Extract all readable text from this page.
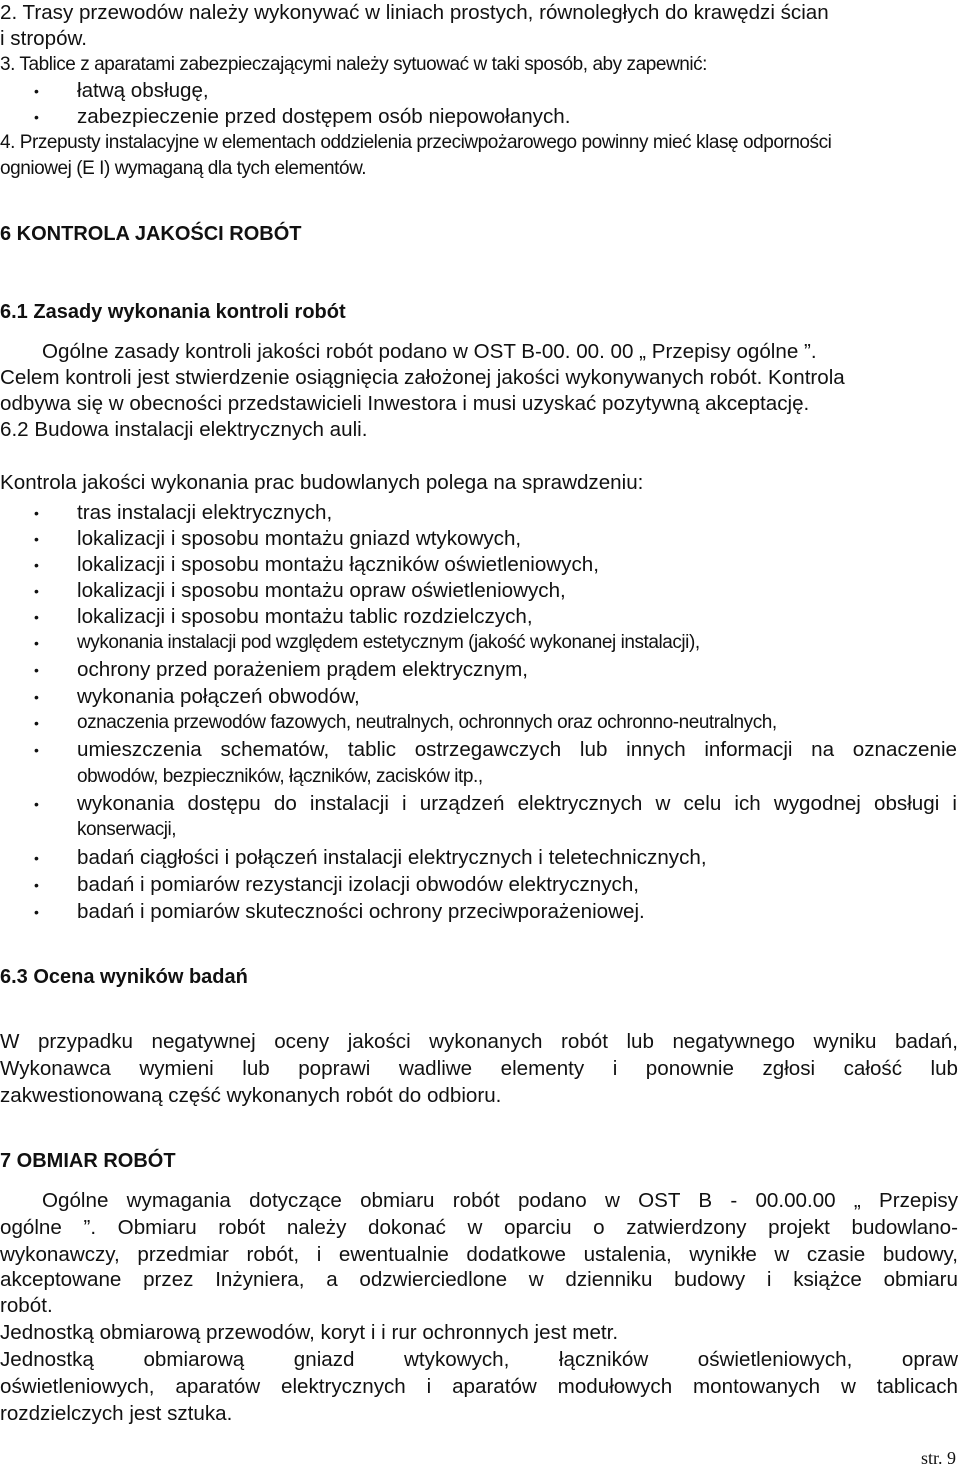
2. Trasy przewodów należy wykonywać w liniach prostych, równoległych do krawędzi ścian
i stropów.
3. Tablice z aparatami zabezpieczającymi należy sytuować w taki sposób, aby zapewnić:
• łatwą obsługę,
• zabezpieczenie przed dostępem osób niepowołanych.
4. Przepusty instalacyjne w elementach oddzielenia przeciwpożarowego powinny mieć klasę odporności
ogniowej (E I) wymaganą dla tych elementów.
6 KONTROLA JAKOŚCI ROBÓT
6.1 Zasady wykonania kontroli robót
Ogólne zasady kontroli jakości robót podano w OST B-00. 00. 00 „ Przepisy ogólne ”.
Celem kontroli jest stwierdzenie osiągnięcia założonej jakości wykonywanych robót. Kontrola
odbywa się w obecności przedstawicieli Inwestora i musi uzyskać pozytywną akceptację.
6.2 Budowa instalacji elektrycznych auli.
Kontrola jakości wykonania prac budowlanych polega na sprawdzeniu:
• tras instalacji elektrycznych,
• lokalizacji i sposobu montażu gniazd wtykowych,
• lokalizacji i sposobu montażu łączników oświetleniowych,
• lokalizacji i sposobu montażu opraw oświetleniowych,
• lokalizacji i sposobu montażu tablic rozdzielczych,
• wykonania instalacji pod względem estetycznym (jakość wykonanej instalacji),
• ochrony przed porażeniem prądem elektrycznym,
• wykonania połączeń obwodów,
• oznaczenia przewodów fazowych, neutralnych, ochronnych oraz ochronno-neutralnych,
• umieszczenia schematów, tablic ostrzegawczych lub innych informacji na oznaczenie
obwodów, bezpieczników, łączników, zacisków itp.,
• wykonania dostępu do instalacji i urządzeń elektrycznych w celu ich wygodnej obsługi i
konserwacji,
• badań ciągłości i połączeń instalacji elektrycznych i teletechnicznych,
• badań i pomiarów rezystancji izolacji obwodów elektrycznych,
• badań i pomiarów skuteczności ochrony przeciwporażeniowej.
6.3 Ocena wyników badań
W przypadku negatywnej oceny jakości wykonanych robót lub negatywnego wyniku badań,
Wykonawca wymieni lub poprawi wadliwe elementy i ponownie zgłosi całość lub
zakwestionowaną część wykonanych robót do odbioru.
7 OBMIAR ROBÓT
Ogólne wymagania dotyczące obmiaru robót podano w OST B - 00.00.00 „ Przepisy
ogólne ”. Obmiaru robót należy dokonać w oparciu o zatwierdzony projekt budowlano-
wykonawczy, przedmiar robót, i ewentualnie dodatkowe ustalenia, wynikłe w czasie budowy,
akceptowane przez Inżyniera, a odzwierciedlone w dzienniku budowy i książce obmiaru
robót.
Jednostką obmiarową przewodów, koryt i i rur ochronnych jest metr.
Jednostką obmiarową gniazd wtykowych, łączników oświetleniowych, opraw
oświetleniowych, aparatów elektrycznych i aparatów modułowych montowanych w tablicach
rozdzielczych jest sztuka.
str. 9
